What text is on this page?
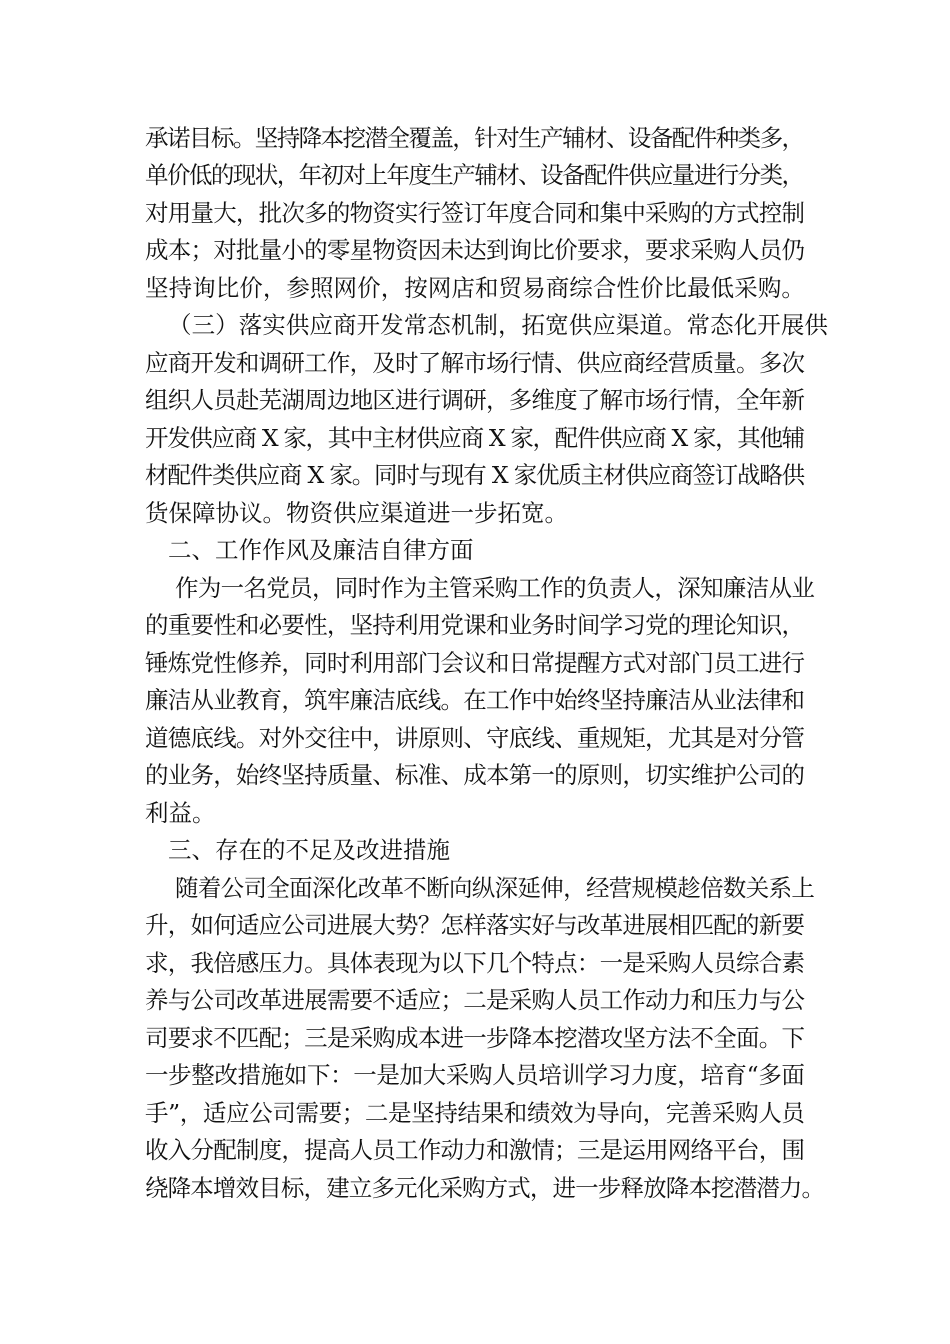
承诺目标。坚持降本挖潜全覆盖，针对生产辅材、设备配件种类多，
单价低的现状，年初对上年度生产辅材、设备配件供应量进行分类，
对用量大，批次多的物资实行签订年度合同和集中采购的方式控制
成本；对批量小的零星物资因未达到询比价要求，要求采购人员仍
坚持询比价，参照网价，按网店和贸易商综合性价比最低采购。
（三）落实供应商开发常态机制，拓宽供应渠道。常态化开展供
应商开发和调研工作，及时了解市场行情、供应商经营质量。多次
组织人员赴芜湖周边地区进行调研，多维度了解市场行情，全年新
开发供应商 X 家，其中主材供应商 X 家，配件供应商 X 家，其他辅
材配件类供应商 X 家。同时与现有 X 家优质主材供应商签订战略供
货保障协议。物资供应渠道进一步拓宽。
二、工作作风及廉洁自律方面
作为一名党员，同时作为主管采购工作的负责人，深知廉洁从业
的重要性和必要性，坚持利用党课和业务时间学习党的理论知识，
锤炼党性修养，同时利用部门会议和日常提醒方式对部门员工进行
廉洁从业教育，筑牢廉洁底线。在工作中始终坚持廉洁从业法律和
道德底线。对外交往中，讲原则、守底线、重规矩，尤其是对分管
的业务，始终坚持质量、标准、成本第一的原则，切实维护公司的
利益。
三、存在的不足及改进措施
随着公司全面深化改革不断向纵深延伸，经营规模趁倍数关系上
升，如何适应公司进展大势？怎样落实好与改革进展相匹配的新要
求，我倍感压力。具体表现为以下几个特点：一是采购人员综合素
养与公司改革进展需要不适应；二是采购人员工作动力和压力与公
司要求不匹配；三是采购成本进一步降本挖潜攻坚方法不全面。下
一步整改措施如下：一是加大采购人员培训学习力度，培育“多面
手”，适应公司需要；二是坚持结果和绩效为导向，完善采购人员
收入分配制度，提高人员工作动力和激情；三是运用网络平台，围
绕降本增效目标，建立多元化采购方式，进一步释放降本挖潜潜力。
